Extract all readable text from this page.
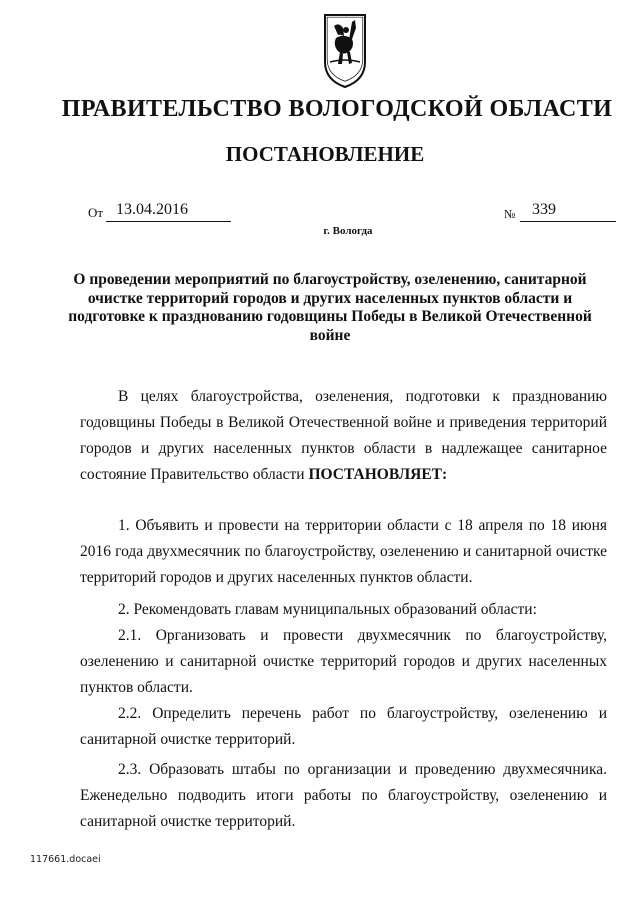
ПРАВИТЕЛЬСТВО ВОЛОГОДСКОЙ ОБЛАСТИ
ПОСТАНОВЛЕНИЕ
От 13.04.2016	№	339
г. Вологда
О проведении мероприятий по благоустройству, озеленению, санитарной очистке территорий городов и других населенных пунктов области и подготовке к празднованию годовщины Победы в Великой Отечественной войне
В целях благоустройства, озеленения, подготовки к празднованию годовщины Победы в Великой Отечественной войне и приведения территорий городов и других населенных пунктов области в надлежащее санитарное состояние Правительство области ПОСТАНОВЛЯЕТ:
1. Объявить и провести на территории области с 18 апреля по 18 июня 2016 года двухмесячник по благоустройству, озеленению и санитарной очистке территорий городов и других населенных пунктов области.
2. Рекомендовать главам муниципальных образований области:
2.1. Организовать и провести двухмесячник по благоустройству, озеленению и санитарной очистке территорий городов и других населенных пунктов области.
2.2. Определить перечень работ по благоустройству, озеленению и санитарной очистке территорий.
2.3. Образовать штабы по организации и проведению двухмесячника. Еженедельно подводить итоги работы по благоустройству, озеленению и санитарной очистке территорий.
117661.docaei
